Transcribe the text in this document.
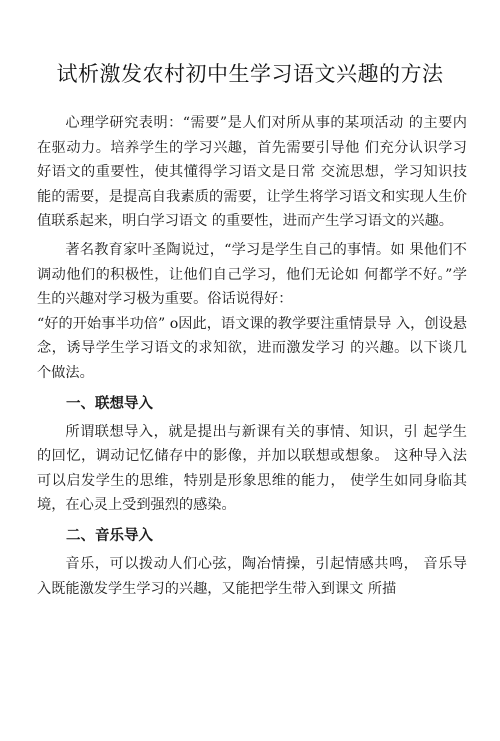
试析激发农村初中生学习语文兴趣的方法

心理学研究表明：“需要”是人们对所从事的某项活动 的主要内在驱动力。培养学生的学习兴趣，首先需要引导他 们充分认识学习好语文的重要性，使其懂得学习语文是日常 交流思想，学习知识技能的需要，是提高自我素质的需要，让学生将学习语文和实现人生价值联系起来，明白学习语文 的重要性，进而产生学习语文的兴趣。

著名教育家叶圣陶说过，“学习是学生自己的事情。如 果他们不调动他们的积极性，让他们自己学习，他们无论如 何都学不好。”学生的兴趣对学习极为重要。俗话说得好：

“好的开始事半功倍” o因此，语文课的教学要注重情景导 入，创设悬念，诱导学生学习语文的求知欲，进而激发学习 的兴趣。以下谈几个做法。

一、联想导入

所谓联想导入，就是提出与新课有关的事情、知识，引 起学生的回忆，调动记忆储存中的影像，并加以联想或想象。 这种导入法可以启发学生的思维，特别是形象思维的能力， 使学生如同身临其境，在心灵上受到强烈的感染。

二、音乐导入

音乐，可以拨动人们心弦，陶冶情操，引起情感共鸣， 音乐导入既能激发学生学习的兴趣，又能把学生带入到课文 所描
